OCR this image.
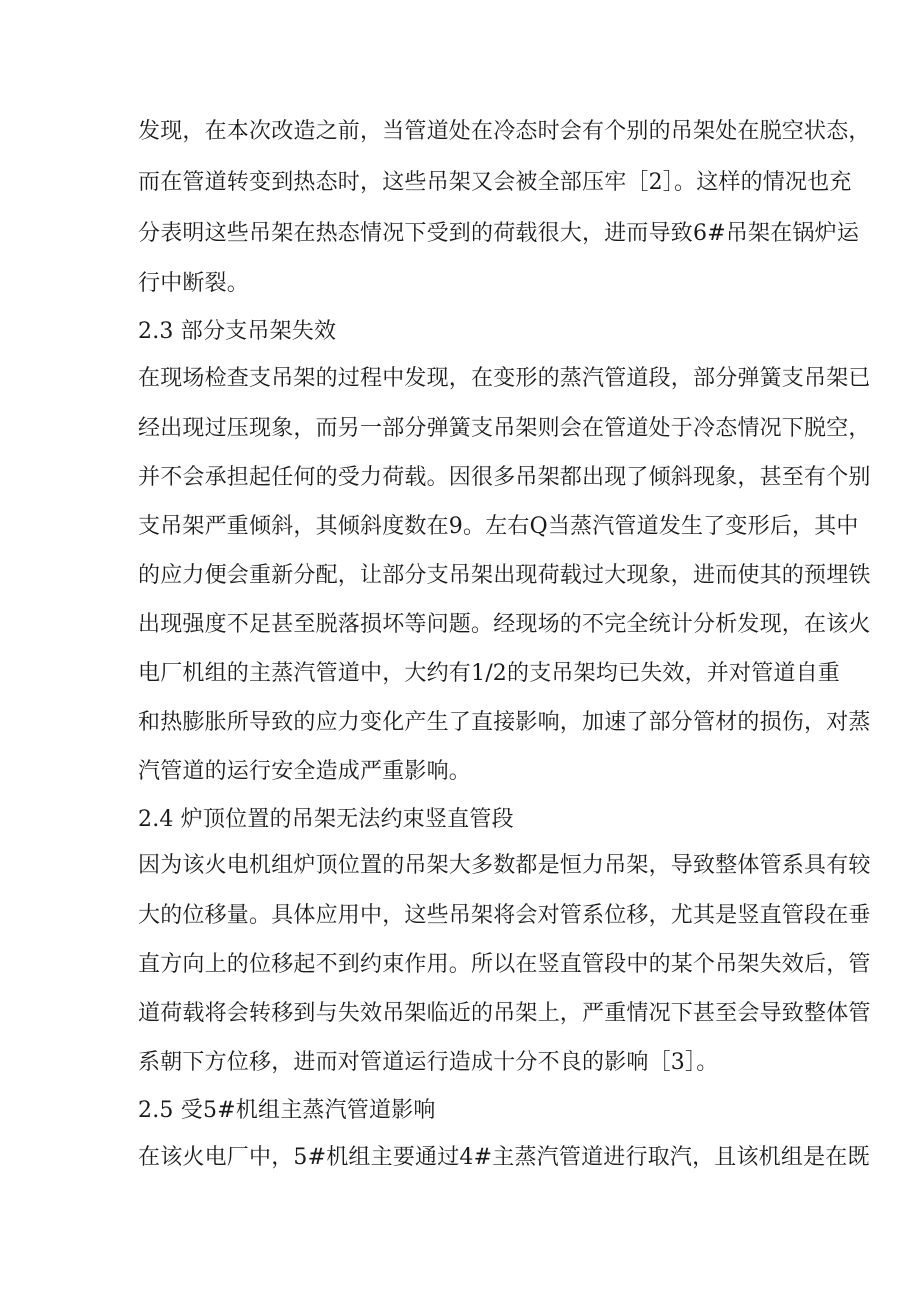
发现，在本次改造之前，当管道处在冷态时会有个别的吊架处在脱空状态，
而在管道转变到热态时，这些吊架又会被全部压牢［2］。这样的情况也充
分表明这些吊架在热态情况下受到的荷载很大，进而导致6#吊架在锅炉运
行中断裂。
2.3 部分支吊架失效
在现场检查支吊架的过程中发现，在变形的蒸汽管道段，部分弹簧支吊架已
经出现过压现象，而另一部分弹簧支吊架则会在管道处于冷态情况下脱空，
并不会承担起任何的受力荷载。因很多吊架都出现了倾斜现象，甚至有个别
支吊架严重倾斜，其倾斜度数在9。左右Q当蒸汽管道发生了变形后，其中
的应力便会重新分配，让部分支吊架出现荷载过大现象，进而使其的预埋铁
出现强度不足甚至脱落损坏等问题。经现场的不完全统计分析发现，在该火
电厂机组的主蒸汽管道中，大约有1/2的支吊架均已失效，并对管道自重
和热膨胀所导致的应力变化产生了直接影响，加速了部分管材的损伤，对蒸
汽管道的运行安全造成严重影响。
2.4 炉顶位置的吊架无法约束竖直管段
因为该火电机组炉顶位置的吊架大多数都是恒力吊架，导致整体管系具有较
大的位移量。具体应用中，这些吊架将会对管系位移，尤其是竖直管段在垂
直方向上的位移起不到约束作用。所以在竖直管段中的某个吊架失效后，管
道荷载将会转移到与失效吊架临近的吊架上，严重情况下甚至会导致整体管
系朝下方位移，进而对管道运行造成十分不良的影响［3］。
2.5 受5#机组主蒸汽管道影响
在该火电厂中，5#机组主要通过4#主蒸汽管道进行取汽，且该机组是在既
